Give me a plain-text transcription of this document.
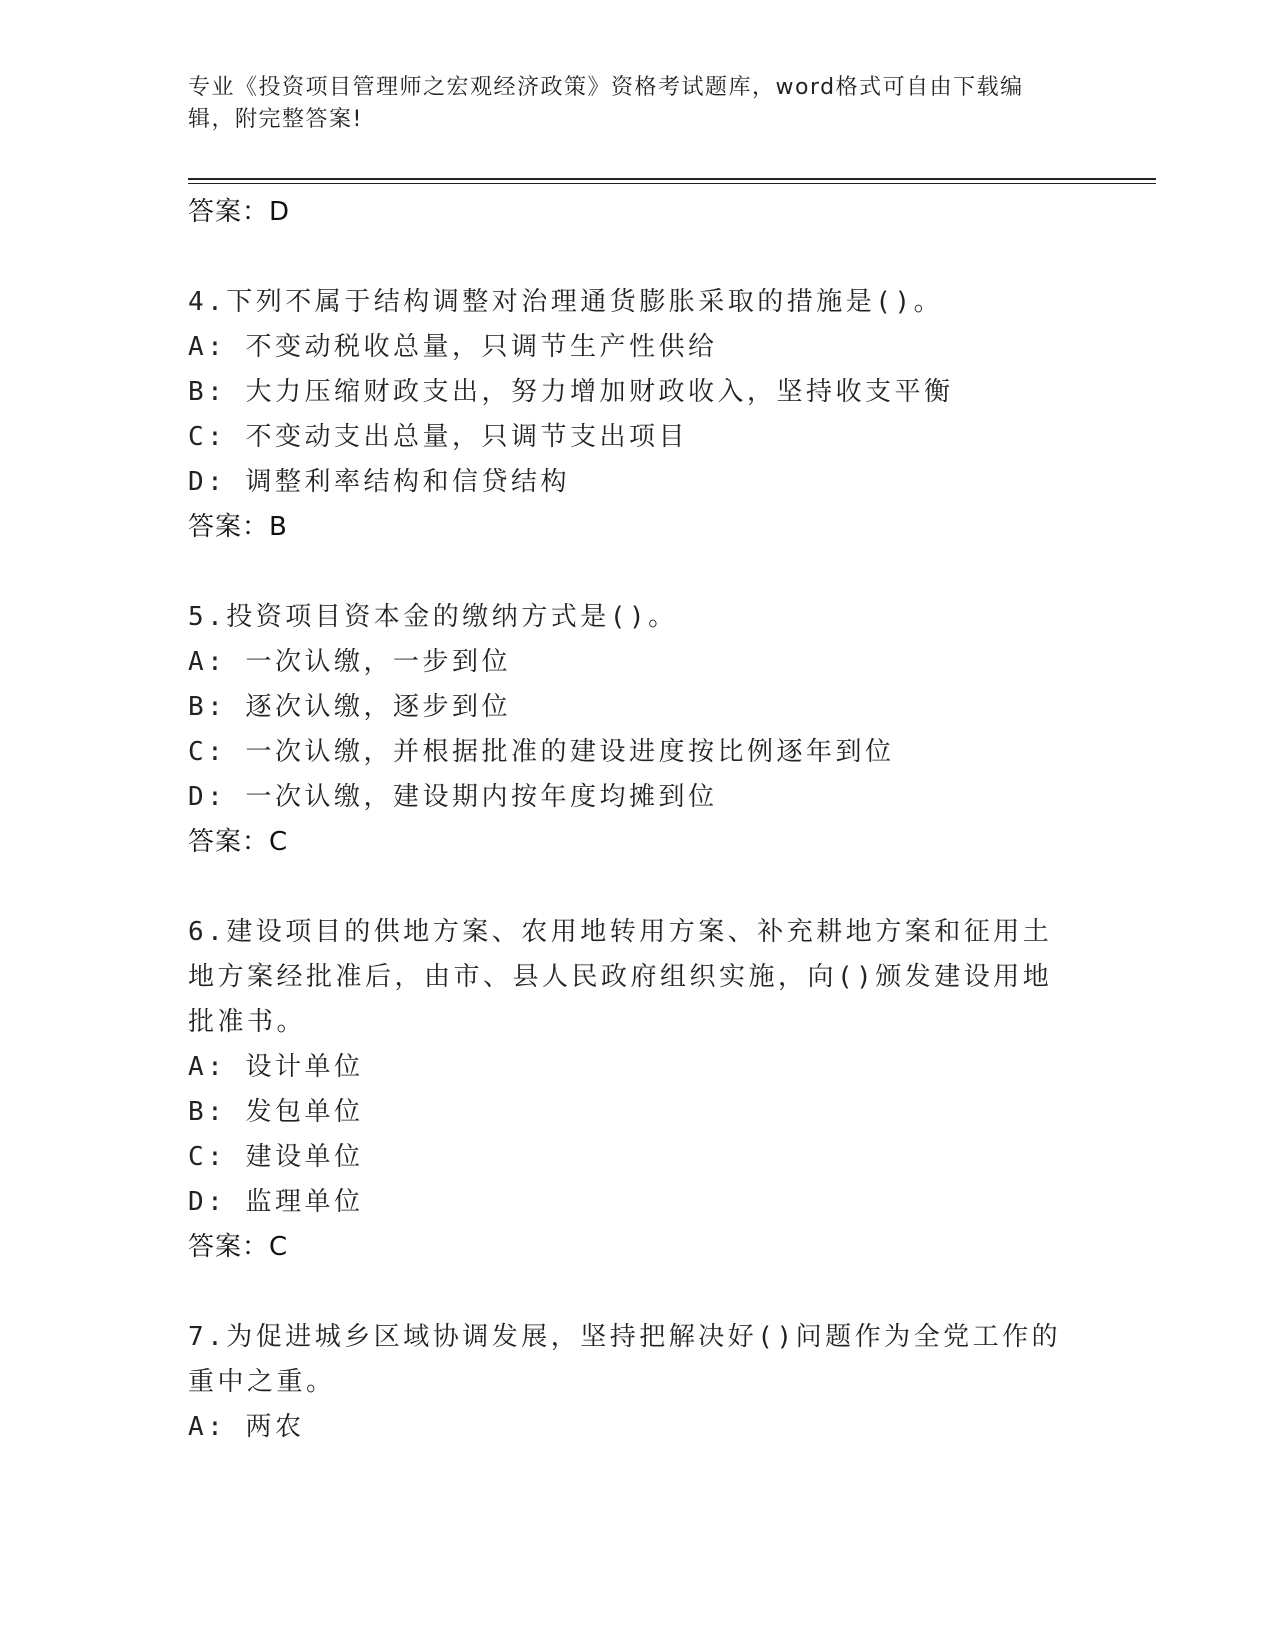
专业《投资项目管理师之宏观经济政策》资格考试题库，word格式可自由下载编辑，附完整答案!
答案：D
4.下列不属于结构调整对治理通货膨胀采取的措施是()。
A: 不变动税收总量，只调节生产性供给
B: 大力压缩财政支出，努力增加财政收入，坚持收支平衡
C: 不变动支出总量，只调节支出项目
D: 调整利率结构和信贷结构
答案：B
5.投资项目资本金的缴纳方式是()。
A: 一次认缴，一步到位
B: 逐次认缴，逐步到位
C: 一次认缴，并根据批准的建设进度按比例逐年到位
D: 一次认缴，建设期内按年度均摊到位
答案：C
6.建设项目的供地方案、农用地转用方案、补充耕地方案和征用土地方案经批准后，由市、县人民政府组织实施，向()颁发建设用地批准书。
A: 设计单位
B: 发包单位
C: 建设单位
D: 监理单位
答案：C
7.为促进城乡区域协调发展，坚持把解决好()问题作为全党工作的重中之重。
A: 两农
